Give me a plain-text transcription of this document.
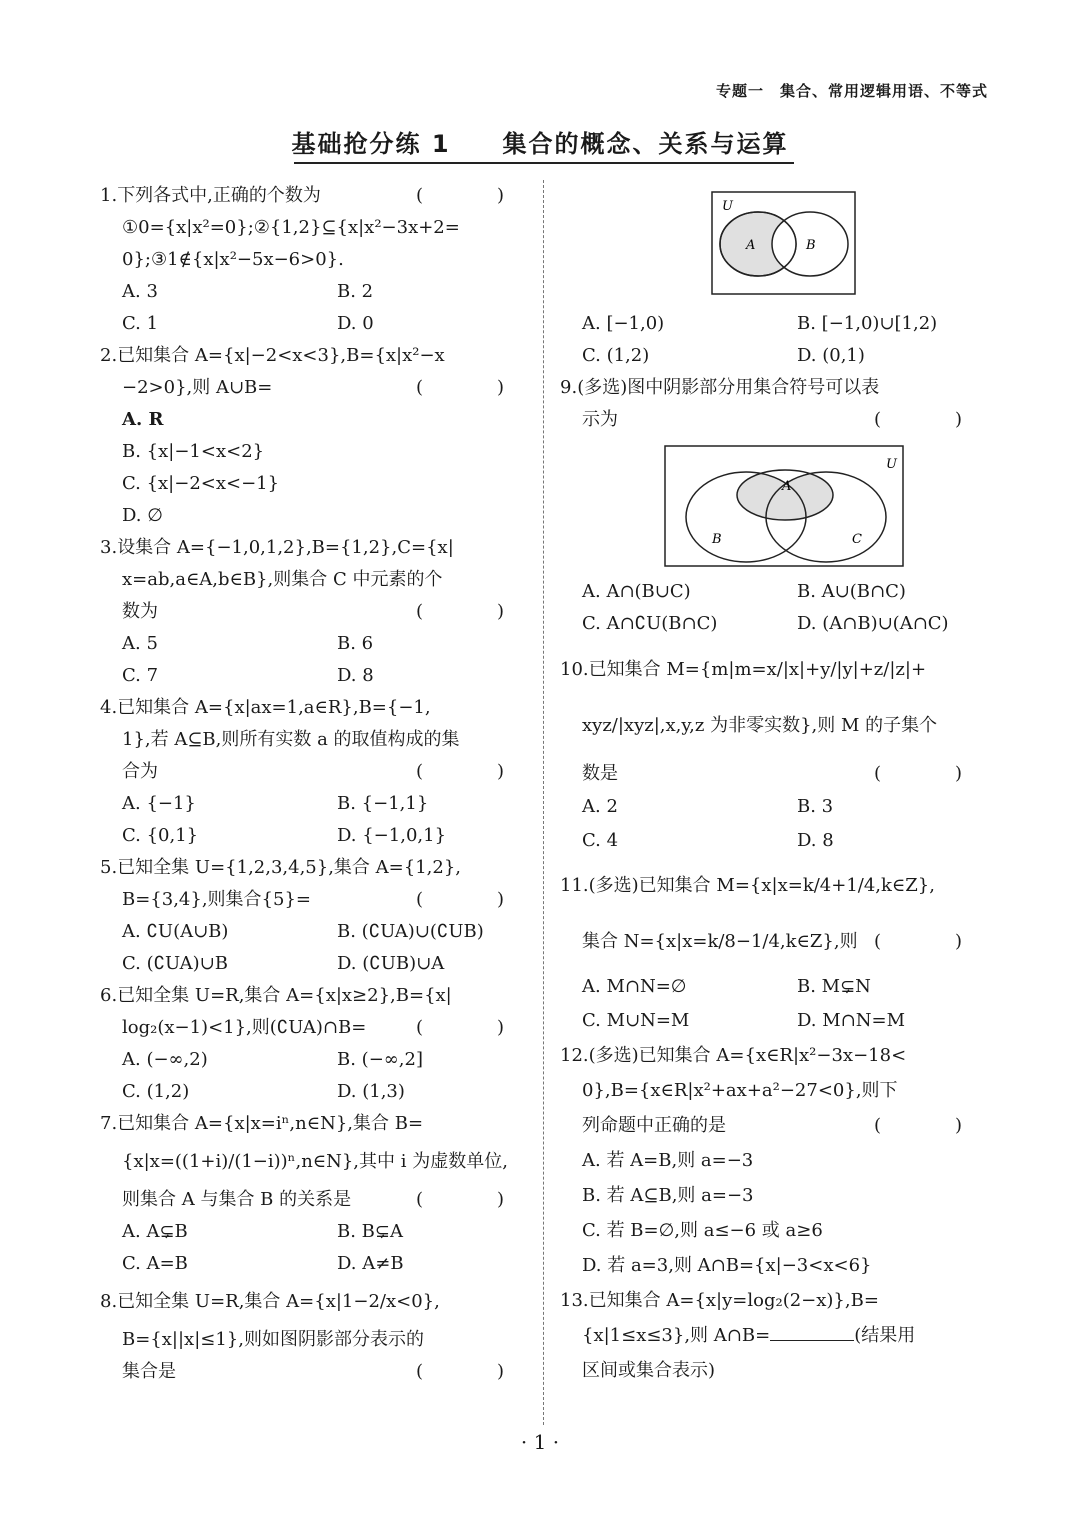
专题一　集合、常用逻辑用语、不等式
基础抢分练 1　　集合的概念、关系与运算
1. 下列各式中,正确的个数为	(　)
①0={x|x²=0};②{1,2}⊆{x|x²−3x+2=
0};③1∉{x|x²−5x−6>0}.
A. 3	B. 2
C. 1	D. 0
2. 已知集合 A={x|−2<x<3},B={x|x²−x
−2>0},则 A∪B=	(　)
A. R
B. {x|−1<x<2}
C. {x|−2<x<−1}
D. ∅
3. 设集合 A={−1,0,1,2},B={1,2},C={x|
x=ab,a∈A,b∈B},则集合 C 中元素的个
数为	(　)
A. 5	B. 6
C. 7	D. 8
4. 已知集合 A={x|ax=1,a∈R},B={−1,
1},若 A⊆B,则所有实数 a 的取值构成的集
合为	(　)
A. {−1}	B. {−1,1}
C. {0,1}	D. {−1,0,1}
5. 已知全集 U={1,2,3,4,5},集合 A={1,2},
B={3,4},则集合{5}=	(　)
A. ∁U(A∪B)	B. (∁UA)∪(∁UB)
C. (∁UA)∪B	D. (∁UB)∪A
6. 已知全集 U=R,集合 A={x|x≥2},B={x|
log₂(x−1)<1},则(∁UA)∩B=	(　)
A. (−∞,2)	B. (−∞,2]
C. (1,2)	D. (1,3)
7. 已知集合 A={x|x=iⁿ,n∈N},集合 B=
{x|x=((1+i)/(1−i))ⁿ,n∈N},其中 i 为虚数单位,
则集合 A 与集合 B 的关系是	(　)
A. A⊊B	B. B⊊A
C. A=B	D. A≠B
8. 已知全集 U=R,集合 A={x|1−2/x<0},
B={x||x|≤1},则如图阴影部分表示的
集合是	(　)
U
A	B
A. [−1,0)	B. [−1,0)∪[1,2)
C. (1,2)	D. (0,1)
9. (多选)图中阴影部分用集合符号可以表
示为	(　)
U
A
B	C
A. A∩(B∪C)	B. A∪(B∩C)
C. A∩∁U(B∩C)	D. (A∩B)∪(A∩C)
10. 已知集合 M={m|m=x/|x|+y/|y|+z/|z|+
xyz/|xyz|,x,y,z 为非零实数},则 M 的子集个
数是	(　)
A. 2	B. 3
C. 4	D. 8
11. (多选)已知集合 M={x|x=k/4+1/4,k∈Z},
集合 N={x|x=k/8−1/4,k∈Z},则 (　)
A. M∩N=∅	B. M⊊N
C. M∪N=M	D. M∩N=M
12. (多选)已知集合 A={x∈R|x²−3x−18<
0},B={x∈R|x²+ax+a²−27<0},则下
列命题中正确的是	(　)
A. 若 A=B,则 a=−3
B. 若 A⊆B,则 a=−3
C. 若 B=∅,则 a≤−6 或 a≥6
D. 若 a=3,则 A∩B={x|−3<x<6}
13. 已知集合 A={x|y=log₂(2−x)},B=
{x|1≤x≤3},则 A∩B=	(结果用
区间或集合表示)
· 1 ·
